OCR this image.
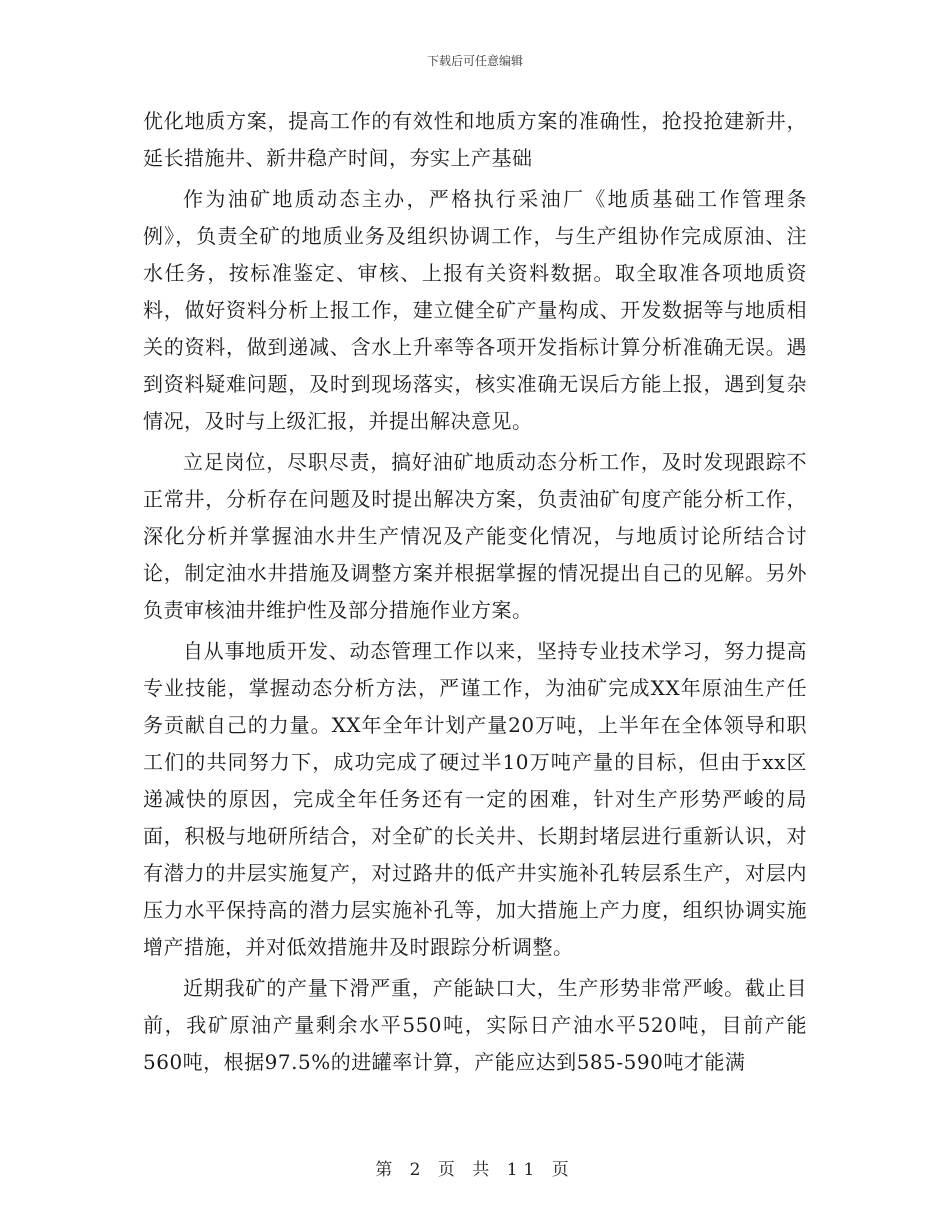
下载后可任意编辑

优化地质方案，提高工作的有效性和地质方案的准确性，抢投抢建新井，延长措施井、新井稳产时间，夯实上产基础

作为油矿地质动态主办，严格执行采油厂《地质基础工作管理条例》，负责全矿的地质业务及组织协调工作，与生产组协作完成原油、注水任务，按标准鉴定、审核、上报有关资料数据。取全取准各项地质资料，做好资料分析上报工作，建立健全矿产量构成、开发数据等与地质相关的资料，做到递减、含水上升率等各项开发指标计算分析准确无误。遇到资料疑难问题，及时到现场落实，核实准确无误后方能上报，遇到复杂情况，及时与上级汇报，并提出解决意见。

立足岗位，尽职尽责，搞好油矿地质动态分析工作，及时发现跟踪不正常井，分析存在问题及时提出解决方案，负责油矿旬度产能分析工作，深化分析并掌握油水井生产情况及产能变化情况，与地质讨论所结合讨论，制定油水井措施及调整方案并根据掌握的情况提出自己的见解。另外负责审核油井维护性及部分措施作业方案。

自从事地质开发、动态管理工作以来，坚持专业技术学习，努力提高专业技能，掌握动态分析方法，严谨工作，为油矿完成XX年原油生产任务贡献自己的力量。XX年全年计划产量20万吨，上半年在全体领导和职工们的共同努力下，成功完成了硬过半10万吨产量的目标，但由于xx区递减快的原因，完成全年任务还有一定的困难，针对生产形势严峻的局面，积极与地研所结合，对全矿的长关井、长期封堵层进行重新认识，对有潜力的井层实施复产，对过路井的低产井实施补孔转层系生产，对层内压力水平保持高的潜力层实施补孔等，加大措施上产力度，组织协调实施增产措施，并对低效措施井及时跟踪分析调整。

近期我矿的产量下滑严重，产能缺口大，生产形势非常严峻。截止目前，我矿原油产量剩余水平550吨，实际日产油水平520吨，目前产能560吨，根据97.5%的进罐率计算，产能应达到585-590吨才能满

第 2 页 共 11 页
